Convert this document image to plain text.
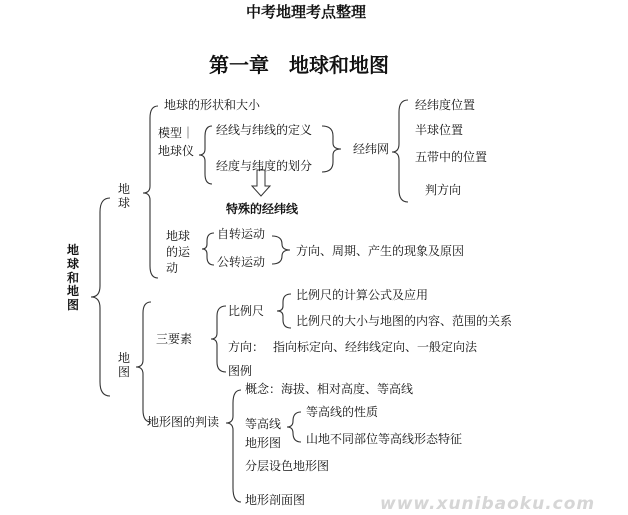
中考地理考点整理
第一章　地球和地图
地球和地图
地球
地球的形状和大小
模型｜地球仪
经线与纬线的定义
经度与纬度的划分
经纬网
经纬度位置
半球位置
五带中的位置
判方向
特殊的经纬线
地球的运动
自转运动
公转运动
方向、周期、产生的现象及原因
地图
三要素
比例尺
比例尺的计算公式及应用
比例尺的大小与地图的内容、范围的关系
方向： 指向标定向、经纬线定向、一般定向法
图例
地形图的判读
概念：海拔、相对高度、等高线
等高线地形图
等高线的性质
山地不同部位等高线形态特征
分层设色地形图
地形剖面图	www.xunibaoku.com
